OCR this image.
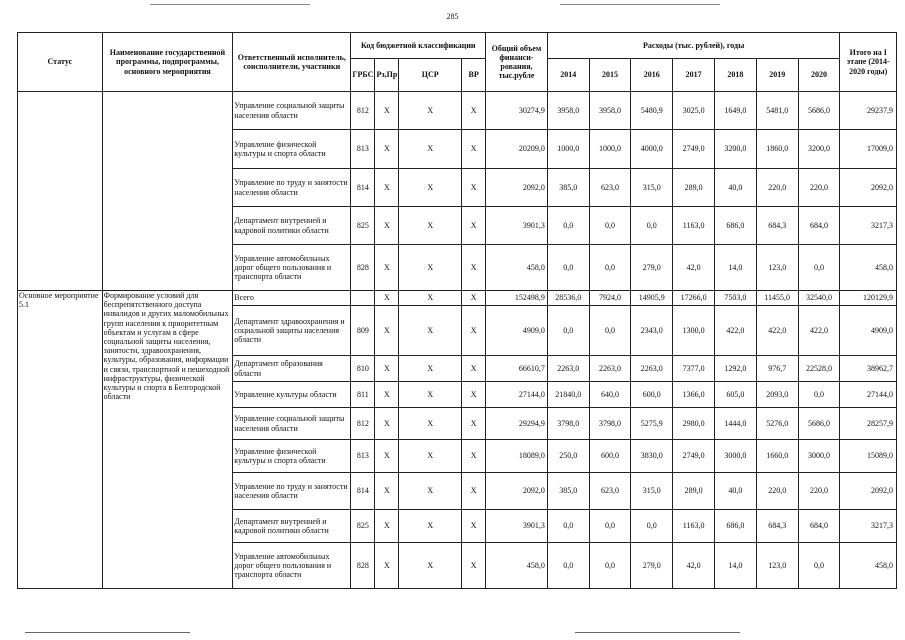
285
Статус	Наименование государственной программы, подпрограммы, основного мероприятия	Ответственный исполнитель, соисполнители, участники	Код бюджетной классификации				Общий объем финанси-рования, тыс.рубле	Расходы (тыс. рублей), годы							Итого на I этапе (2014-2020 годы)
			ГРБС	Рз,Пр	ЦСР	ВР		2014	2015	2016	2017	2018	2019	2020	
		Управление социальной защиты населения области	812	X	X	X	30274,9	3958,0	3958,0	5480,9	3025,0	1649,0	5481,0	5686,0	29237,9
		Управление физической культуры и спорта области	813	X	X	X	20209,0	1000,0	1000,0	4000,0	2749,0	3200,0	1860,0	3200,0	17009,0
		Управление по труду и занятости населения области	814	X	X	X	2092,0	385,0	623,0	315,0	289,0	40,0	220,0	220,0	2092,0
		Департамент внутренней и кадровой политики области	825	X	X	X	3901,3	0,0	0,0	0,0	1163,0	686,0	684,3	684,0	3217,3
		Управление автомобильных дорог общего пользования и транспорта области	828	X	X	X	458,0	0,0	0,0	279,0	42,0	14,0	123,0	0,0	458,0
Основное мероприятие 5.1	Формирование условий для беспрепятственного доступа инвалидов и других маломобильных групп населения к приоритетным объектам и услугам в сфере социальной защиты населения, занятости, здравоохранения, культуры, образования, информации и связи, транспортной и пешеходной инфраструктуры, физической культуры и спорта в Белгородской области	Всего		X	X	X	152498,9	28536,0	7924,0	14905,9	17266,0	7503,0	11455,0	32540,0	120129,9
		Департамент здравоохранения и социальной защиты населения области	809	X	X	X	4909,0	0,0	0,0	2343,0	1300,0	422,0	422,0	422,0	4909,0
		Департамент образования области	810	X	X	X	66610,7	2263,0	2263,0	2263,0	7377,0	1292,0	976,7	22528,0	38962,7
		Управление культуры области	811	X	X	X	27144,0	21840,0	640,0	600,0	1366,0	605,0	2093,0	0,0	27144,0
		Управление социальной защиты населения области	812	X	X	X	29294,9	3798,0	3798,0	5275,9	2980,0	1444,0	5276,0	5686,0	28257,9
		Управление физической культуры и спорта области	813	X	X	X	18089,0	250,0	600,0	3830,0	2749,0	3000,0	1660,0	3000,0	15089,0
		Управление по труду и занятости населения области	814	X	X	X	2092,0	385,0	623,0	315,0	289,0	40,0	220,0	220,0	2092,0
		Департамент внутренней и кадровой политики области	825	X	X	X	3901,3	0,0	0,0	0,0	1163,0	686,0	684,3	684,0	3217,3
		Управление автомобильных дорог общего пользования и транспорта области	828	X	X	X	458,0	0,0	0,0	279,0	42,0	14,0	123,0	0,0	458,0
